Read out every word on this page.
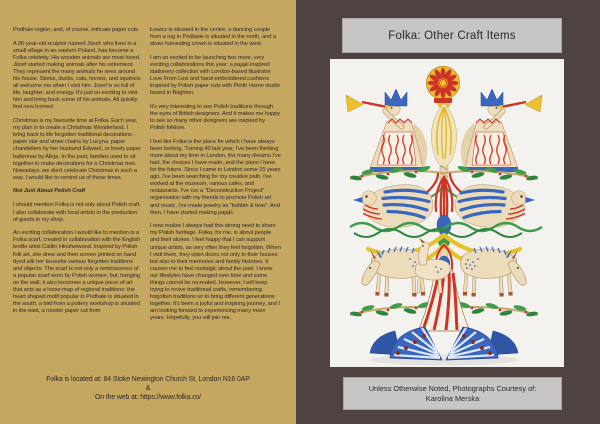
Podhale region, and, of course, intricate paper cuts.

A 96-year-old sculptor named Józef, who lives in a small village in an eastern Poland, has become a Folka celebrity. His wooden animals are most loved. Józef started making animals after his retirement. They represent the many animals he sees around his house. Storks, ducks, cats, horses, and squirrels all welcome me when I visit him. Józef is so full of life, laughter, and energy. It's just so exciting to visit him and bring back some of his animals. All quickly find new homes!

Christmas is my favourite time at Folka. Each year, my plan is to create a Christmas Wonderland. I bring back to life forgotten traditional decorations - paper star and straw chains by Lucyna, paper chandeliers by her husband Edward, or lovely paper ballerinas by Alicja. In the past, families used to sit together to make decorations for a Christmas tree. Nowadays, we don't celebrate Christmas in such a way. I would like to remind us of those times.

Not Just About Polish Craft

I should mention Folka is not only about Polish craft. I also collaborate with local artists in the production of goods in my shop.

An exciting collaboration I would like to mention is a Folka scarf, created in collaboration with the English textile artist Caitlin Hinshelwood. Inspired by Polish folk art, she drew and then screen printed on hand dyed silk her favourite various forgotten traditions and objects. The scarf is not only a reminiscence of a popular scarf worn by Polish women, but, hanging on the wall, it also becomes a unique piece of art that acts as a loose map of regional traditions: the heart shaped motif popular in Podhale is situated in the south, a bird from a pottery workshop is situated in the east, a rooster paper cut from

Łowicz is situated in the centre, a dancing couple from a rug in Podlasie is situated in the north, and a straw harvesting crown is situated in the west.

I am so excited to be launching two more, very exciting collaborations this year: a pająki inspired stationery collection with London-based illustrator Love From Lexi and hand embroidered cushions inspired by Polish paper cuts with Plinth Home studio based in Brighton.

It's very interesting to see Polish traditions through the eyes of British designers. And it makes me happy to see so many other designers are inspired by Polish folklore.

I feel like Folka is the place for which I have always been looking. Turning 40 last year, I've been thinking more about my time in London, the many dreams I've had, the choices I have made, and the plans I have for the future. Since I came to London some 15 years ago, I've been searching for my creative path. I've worked at the museum, various cafes, and restaurants. I've run a "Deconstruction Project" organisation with my friends to promote Polish art and music, I've made jewelry as "bobbin & bow". And then, I have started making pająki.

I now realize I always had this strong need to share my Polish heritage. Folka, for me, is about people and their stories. I feel happy that I can support unique artists, as very often they feel forgotten. When I visit them, they open doors not only to their houses but also to their memories and family histories. It causes me to feel nostalgic about the past. I know our lifestyles have changed over time and some things cannot be recreated. However, I will keep trying to revive traditional crafts, remembering forgotten traditions so to bring different generations together. It's been a joyful and inspiring journey, and I am looking forward to experiencing many more years. Hopefully, you will join me.

Folka is located at: 84 Stoke Newington Church St, London N16 0AP
&
On the web at: https://www.folka.co/
Folka: Other Craft Items
Unless Otherwise Noted, Photographs Courtesy of:
Karolina Merska
